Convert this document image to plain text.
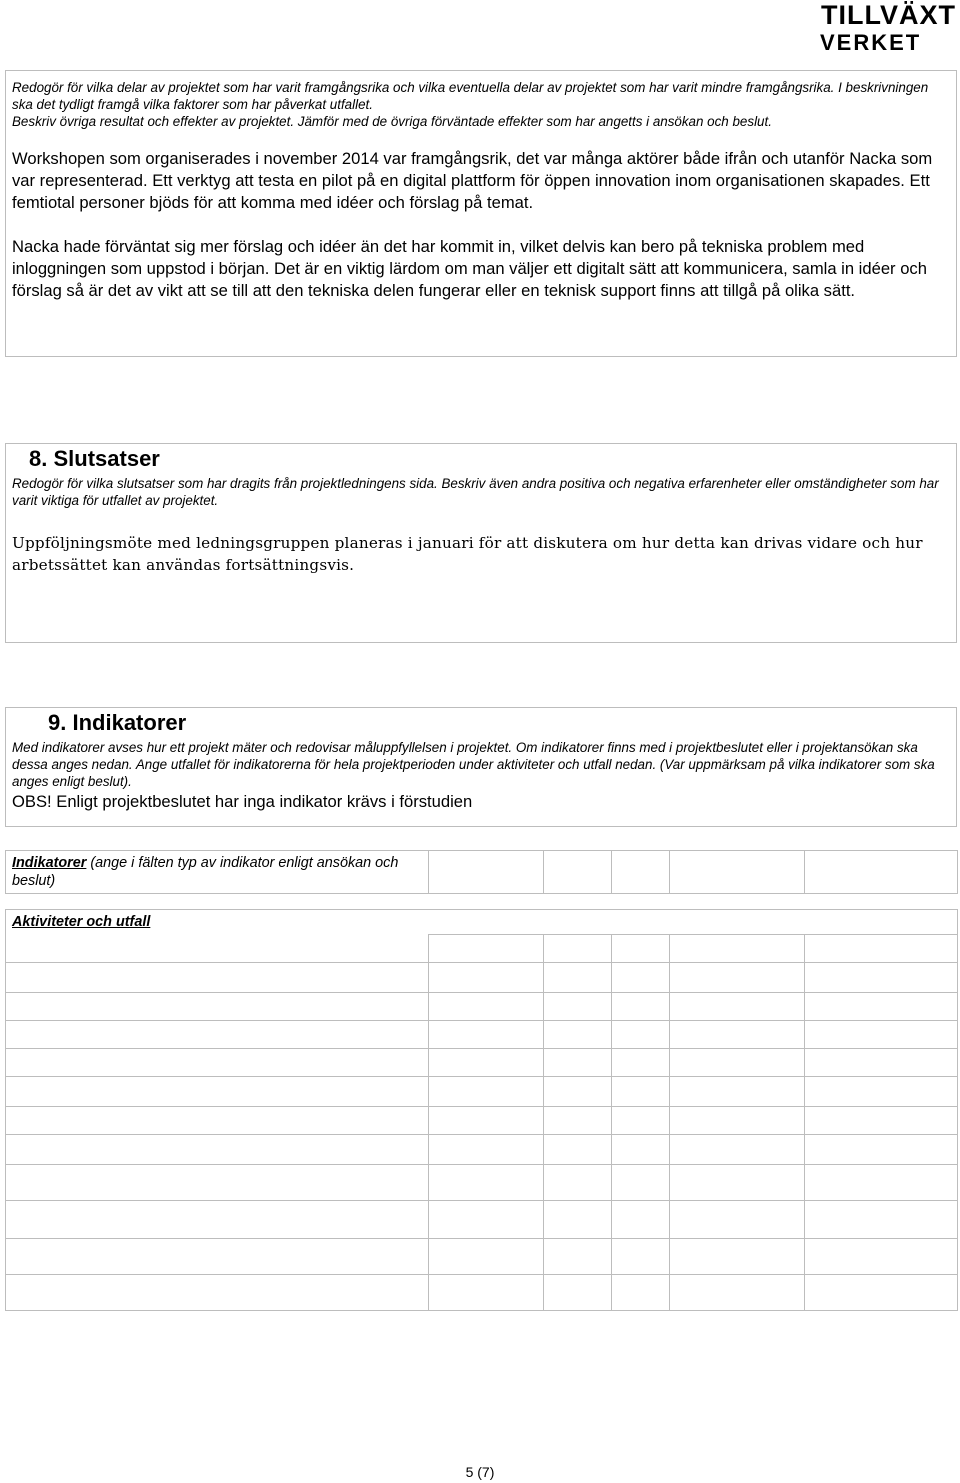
TILLVÄXT
VERKET

Redogör för vilka delar av projektet som har varit framgångsrika och vilka eventuella delar av projektet som har varit mindre framgångsrika. I beskrivningen ska det tydligt framgå vilka faktorer som har påverkat utfallet.

Beskriv övriga resultat och effekter av projektet. Jämför med de övriga förväntade effekter som har angetts i ansökan och beslut.

Workshopen som organiserades i november 2014 var framgångsrik, det var många aktörer både ifrån och utanför Nacka som var representerad. Ett verktyg att testa en pilot på en digital plattform för öppen innovation inom organisationen skapades. Ett femtiotal personer bjöds för att komma med idéer och förslag på temat.

Nacka hade förväntat sig mer förslag och idéer än det har kommit in, vilket delvis kan bero på tekniska problem med inloggningen som uppstod i början. Det är en viktig lärdom om man väljer ett digitalt sätt att kommunicera, samla in idéer och förslag så är det av vikt att se till att den tekniska delen fungerar eller en teknisk support finns att tillgå på olika sätt.

8. Slutsatser

Redogör för vilka slutsatser som har dragits från projektledningens sida. Beskriv även andra positiva och negativa erfarenheter eller omständigheter som har varit viktiga för utfallet av projektet.

Uppföljningsmöte med ledningsgruppen planeras i januari för att diskutera om hur detta kan drivas vidare och hur arbetssättet kan användas fortsättningsvis.

9. Indikatorer

Med indikatorer avses hur ett projekt mäter och redovisar måluppfyllelsen i projektet. Om indikatorer finns med i projektbeslutet eller i projektansökan ska dessa anges nedan. Ange utfallet för indikatorerna för hela projektperioden under aktiviteter och utfall nedan. (Var uppmärksam på vilka indikatorer som ska anges enligt beslut).

OBS! Enligt projektbeslutet har inga indikator krävs i förstudien

Indikatorer (ange i fälten typ av indikator enligt ansökan och beslut)					
Aktiviteter och utfall					

5 (7)
